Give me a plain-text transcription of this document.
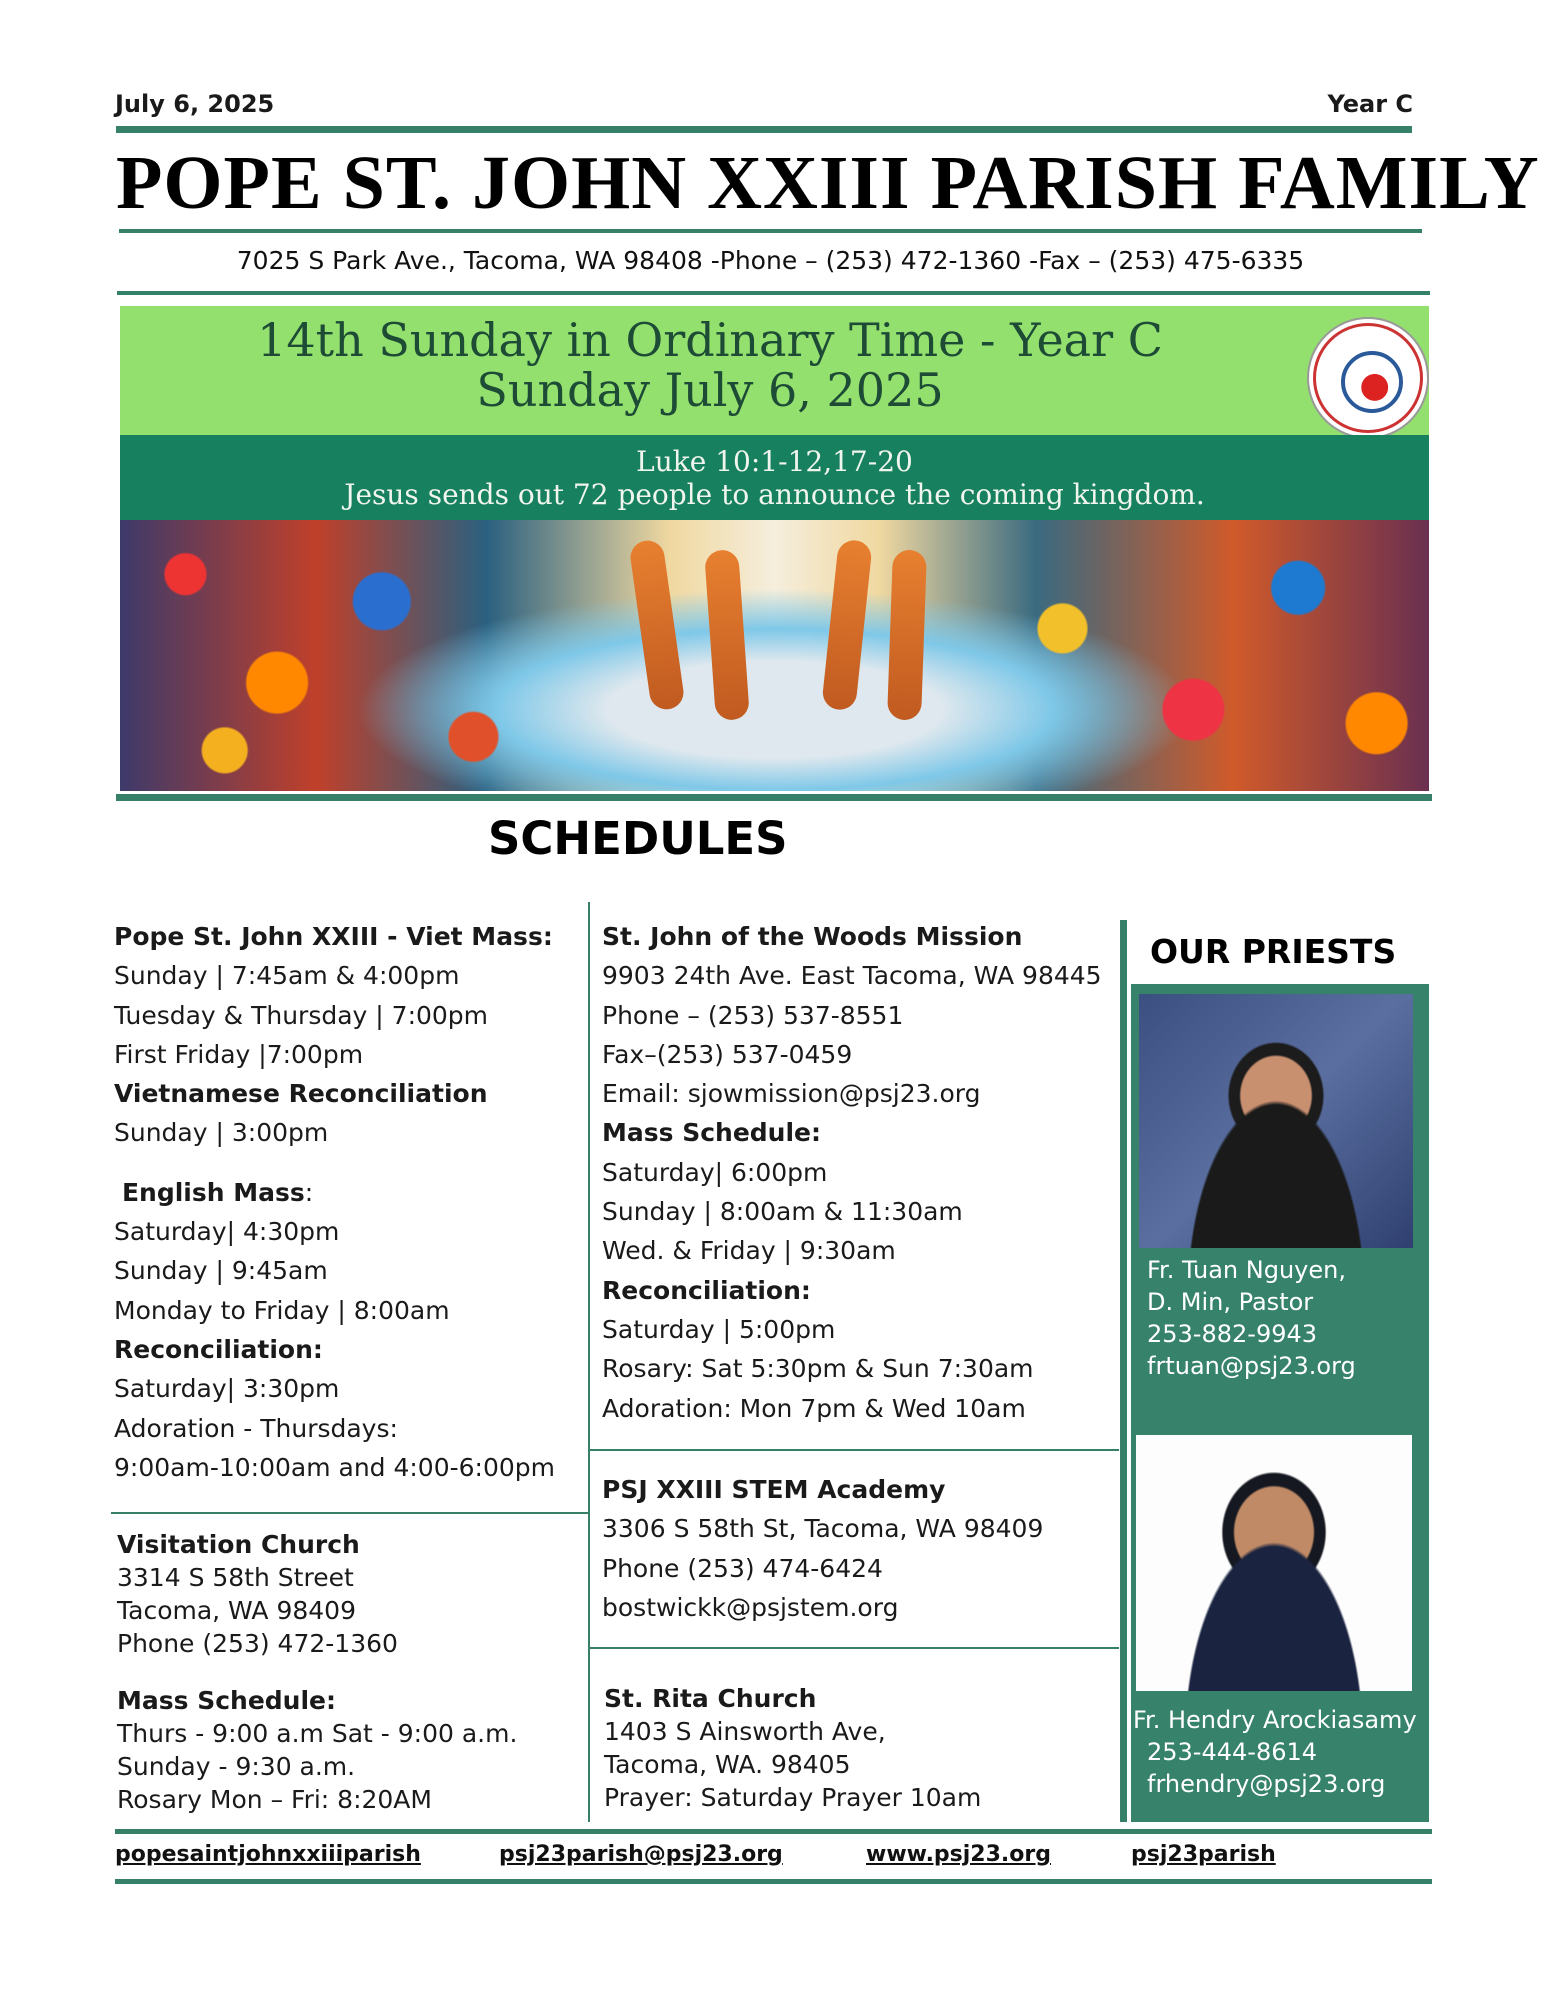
July 6, 2025	Year C
POPE ST. JOHN XXIII PARISH FAMILY
7025 S Park Ave., Tacoma, WA 98408 -Phone – (253) 472-1360 -Fax – (253) 475-6335
14th Sunday in Ordinary Time - Year C
Sunday July 6, 2025
Luke 10:1-12,17-20
Jesus sends out 72 people to announce the coming kingdom.
SCHEDULES
Pope St. John XXIII - Viet Mass:
Sunday | 7:45am & 4:00pm
Tuesday & Thursday | 7:00pm
First Friday |7:00pm
Vietnamese Reconciliation
Sunday | 3:00pm
English Mass:
Saturday| 4:30pm
Sunday | 9:45am
Monday to Friday | 8:00am
Reconciliation:
Saturday| 3:30pm
Adoration - Thursdays:
9:00am-10:00am and 4:00-6:00pm
Visitation Church
3314 S 58th Street
Tacoma, WA 98409
Phone (253) 472-1360
Mass Schedule:
Thurs - 9:00 a.m Sat - 9:00 a.m.
Sunday - 9:30 a.m.
Rosary Mon – Fri: 8:20AM
St. John of the Woods Mission
9903 24th Ave. East Tacoma, WA 98445
Phone – (253) 537-8551
Fax–(253) 537-0459
Email: sjowmission@psj23.org
Mass Schedule:
Saturday| 6:00pm
Sunday | 8:00am & 11:30am
Wed. & Friday | 9:30am
Reconciliation:
Saturday | 5:00pm
Rosary: Sat 5:30pm & Sun 7:30am
Adoration: Mon 7pm & Wed 10am
PSJ XXIII STEM Academy
3306 S 58th St, Tacoma, WA 98409
Phone (253) 474-6424
bostwickk@psjstem.org
St. Rita Church
1403 S Ainsworth Ave,
Tacoma, WA. 98405
Prayer: Saturday Prayer 10am
OUR PRIESTS
Fr. Tuan Nguyen,
D. Min, Pastor
253-882-9943
frtuan@psj23.org
Fr. Hendry Arockiasamy
253-444-8614
frhendry@psj23.org
popesaintjohnxxiiiparish	psj23parish@psj23.org	www.psj23.org	psj23parish
